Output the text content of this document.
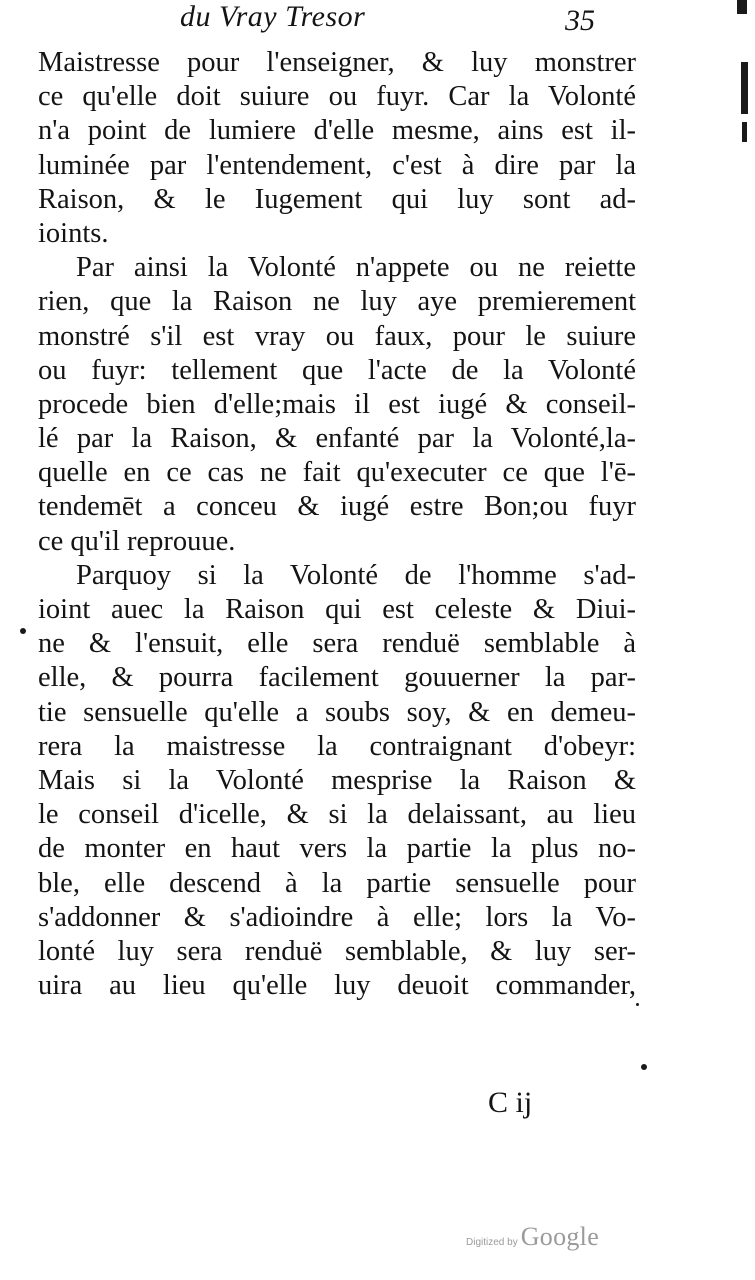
du Vray Tresor	35
Maistresse pour l'enseigner, & luy monstrer
ce qu'elle doit suiure ou fuyr. Car la Volonté
n'a point de lumiere d'elle mesme, ains est il-
luminée par l'entendement, c'est à dire par la
Raison, & le Iugement qui luy sont ad-
ioints.
Par ainsi la Volonté n'appete ou ne reiette
rien, que la Raison ne luy aye premierement
monstré s'il est vray ou faux, pour le suiure
ou fuyr: tellement que l'acte de la Volonté
procede bien d'elle;mais il est iugé & conseil-
lé par la Raison, & enfanté par la Volonté,la-
quelle en ce cas ne fait qu'executer ce que l'ē-
tendemēt a conceu & iugé estre Bon;ou fuyr
ce qu'il reprouue.
Parquoy si la Volonté de l'homme s'ad-
ioint auec la Raison qui est celeste & Diui-
ne & l'ensuit, elle sera renduë semblable à
elle, & pourra facilement gouuerner la par-
tie sensuelle qu'elle a soubs soy, & en demeu-
rera la maistresse la contraignant d'obeyr:
Mais si la Volonté mesprise la Raison &
le conseil d'icelle, & si la delaissant, au lieu
de monter en haut vers la partie la plus no-
ble, elle descend à la partie sensuelle pour
s'addonner & s'adioindre à elle; lors la Vo-
lonté luy sera renduë semblable, & luy ser-
uira au lieu qu'elle luy deuoit commander,
C ij
Digitized by Google
